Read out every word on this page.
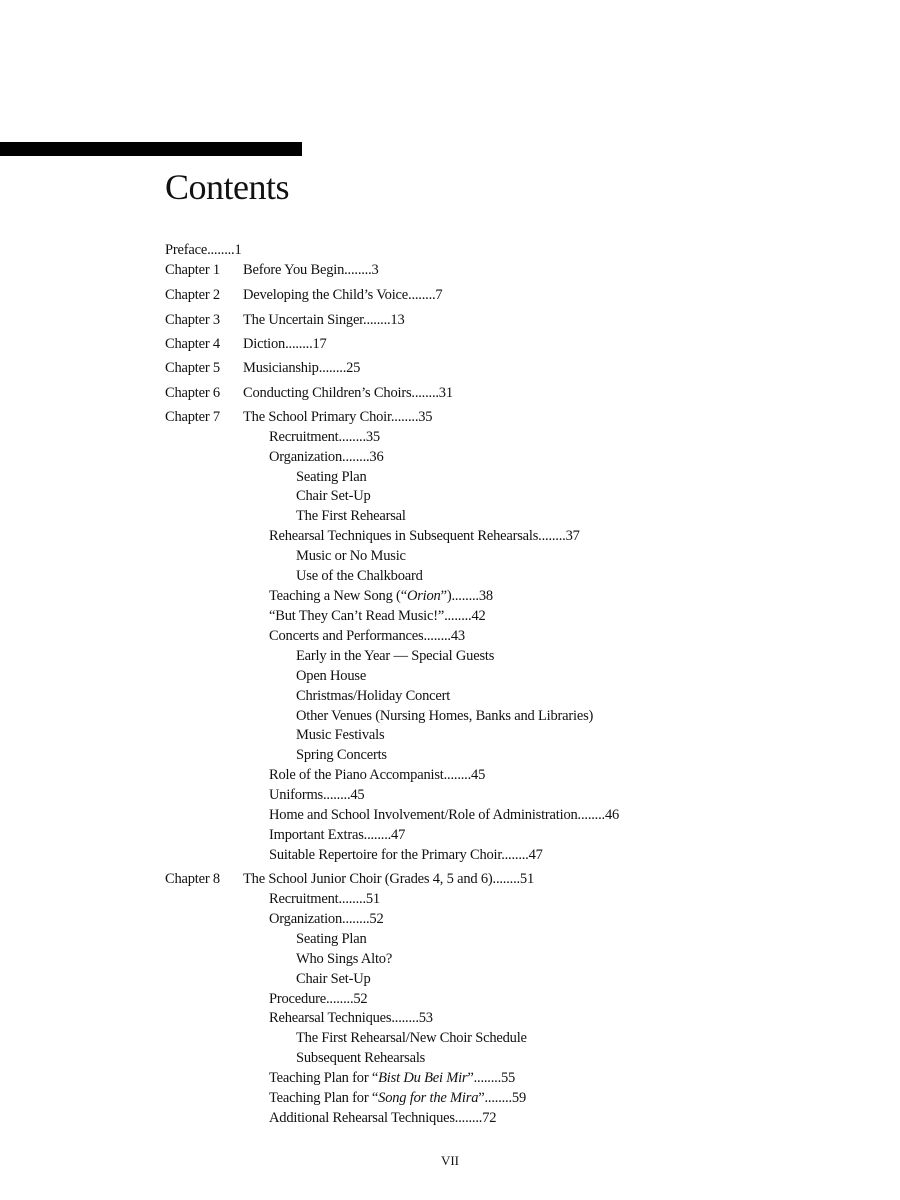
Contents
Preface........1
Chapter 1 Before You Begin........3
Chapter 2 Developing the Child’s Voice........7
Chapter 3 The Uncertain Singer........13
Chapter 4 Diction........17
Chapter 5 Musicianship........25
Chapter 6 Conducting Children’s Choirs........31
Chapter 7 The School Primary Choir........35
Recruitment........35
Organization........36
Seating Plan
Chair Set-Up
The First Rehearsal
Rehearsal Techniques in Subsequent Rehearsals........37
Music or No Music
Use of the Chalkboard
Teaching a New Song (“Orion”)........38
“But They Can’t Read Music!”........42
Concerts and Performances........43
Early in the Year — Special Guests
Open House
Christmas/Holiday Concert
Other Venues (Nursing Homes, Banks and Libraries)
Music Festivals
Spring Concerts
Role of the Piano Accompanist........45
Uniforms........45
Home and School Involvement/Role of Administration........46
Important Extras........47
Suitable Repertoire for the Primary Choir........47
Chapter 8 The School Junior Choir (Grades 4, 5 and 6)........51
Recruitment........51
Organization........52
Seating Plan
Who Sings Alto?
Chair Set-Up
Procedure........52
Rehearsal Techniques........53
The First Rehearsal/New Choir Schedule
Subsequent Rehearsals
Teaching Plan for “Bist Du Bei Mir”........55
Teaching Plan for “Song for the Mira”........59
Additional Rehearsal Techniques........72
VII
